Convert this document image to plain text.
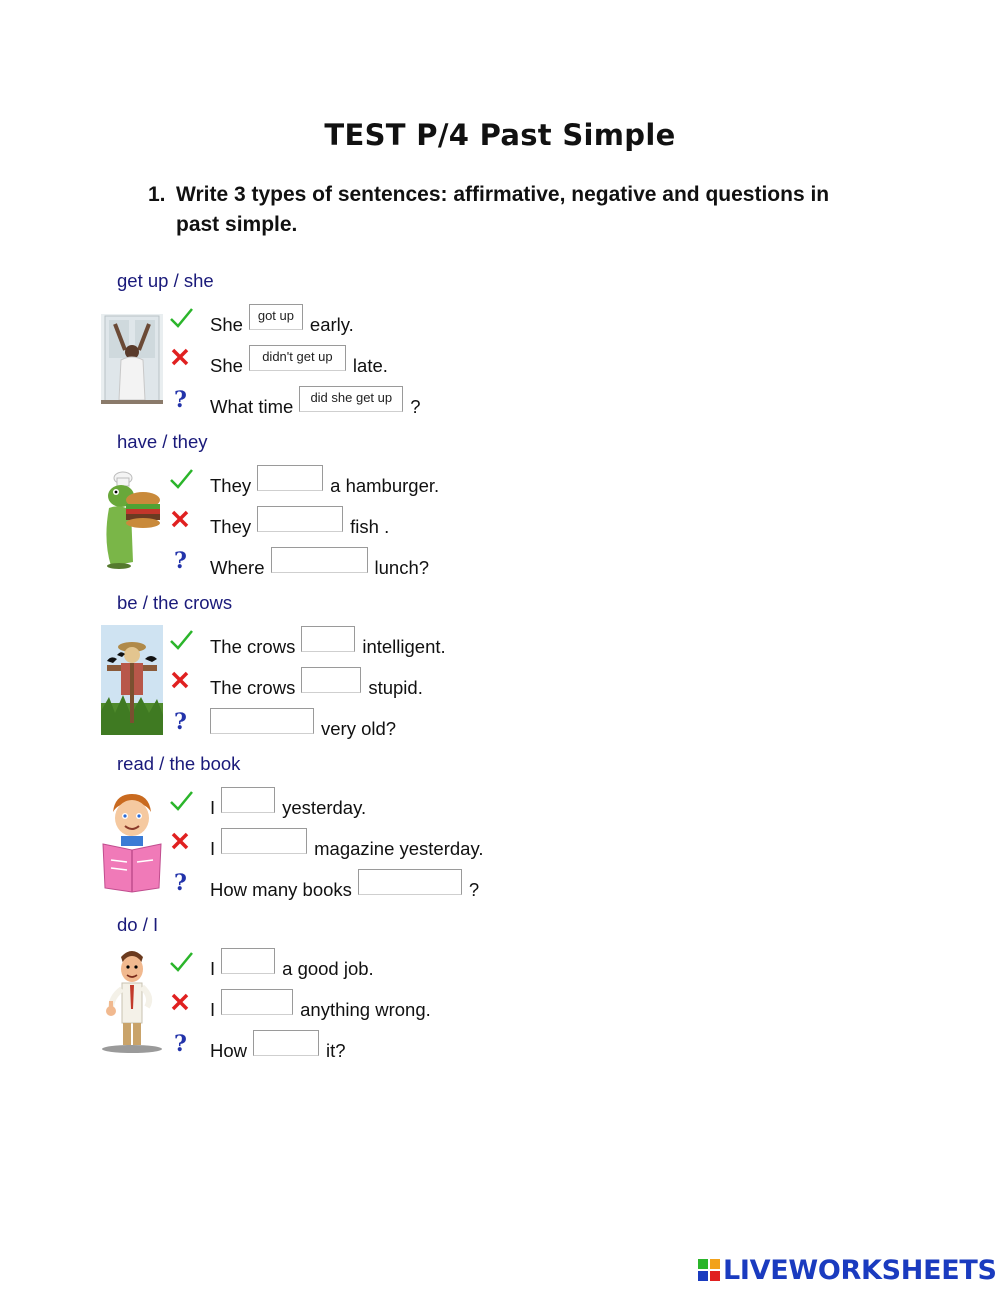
TEST P/4 Past Simple
1. Write 3 types of sentences: affirmative, negative and questions in past simple.
get up / she
She	got up early.
She	didn't get up	late.
? What time	did she get up ?
have / they
They	a hamburger.
They	fish .
? Where	lunch?
be / the crows
The crows	intelligent.
The crows	stupid.
?	very old?
read / the book
I	yesterday.
I	magazine yesterday.
? How many books	?
do / I
I	a good job.
I	anything wrong.
? How	it?
LIVEWORKSHEETS
